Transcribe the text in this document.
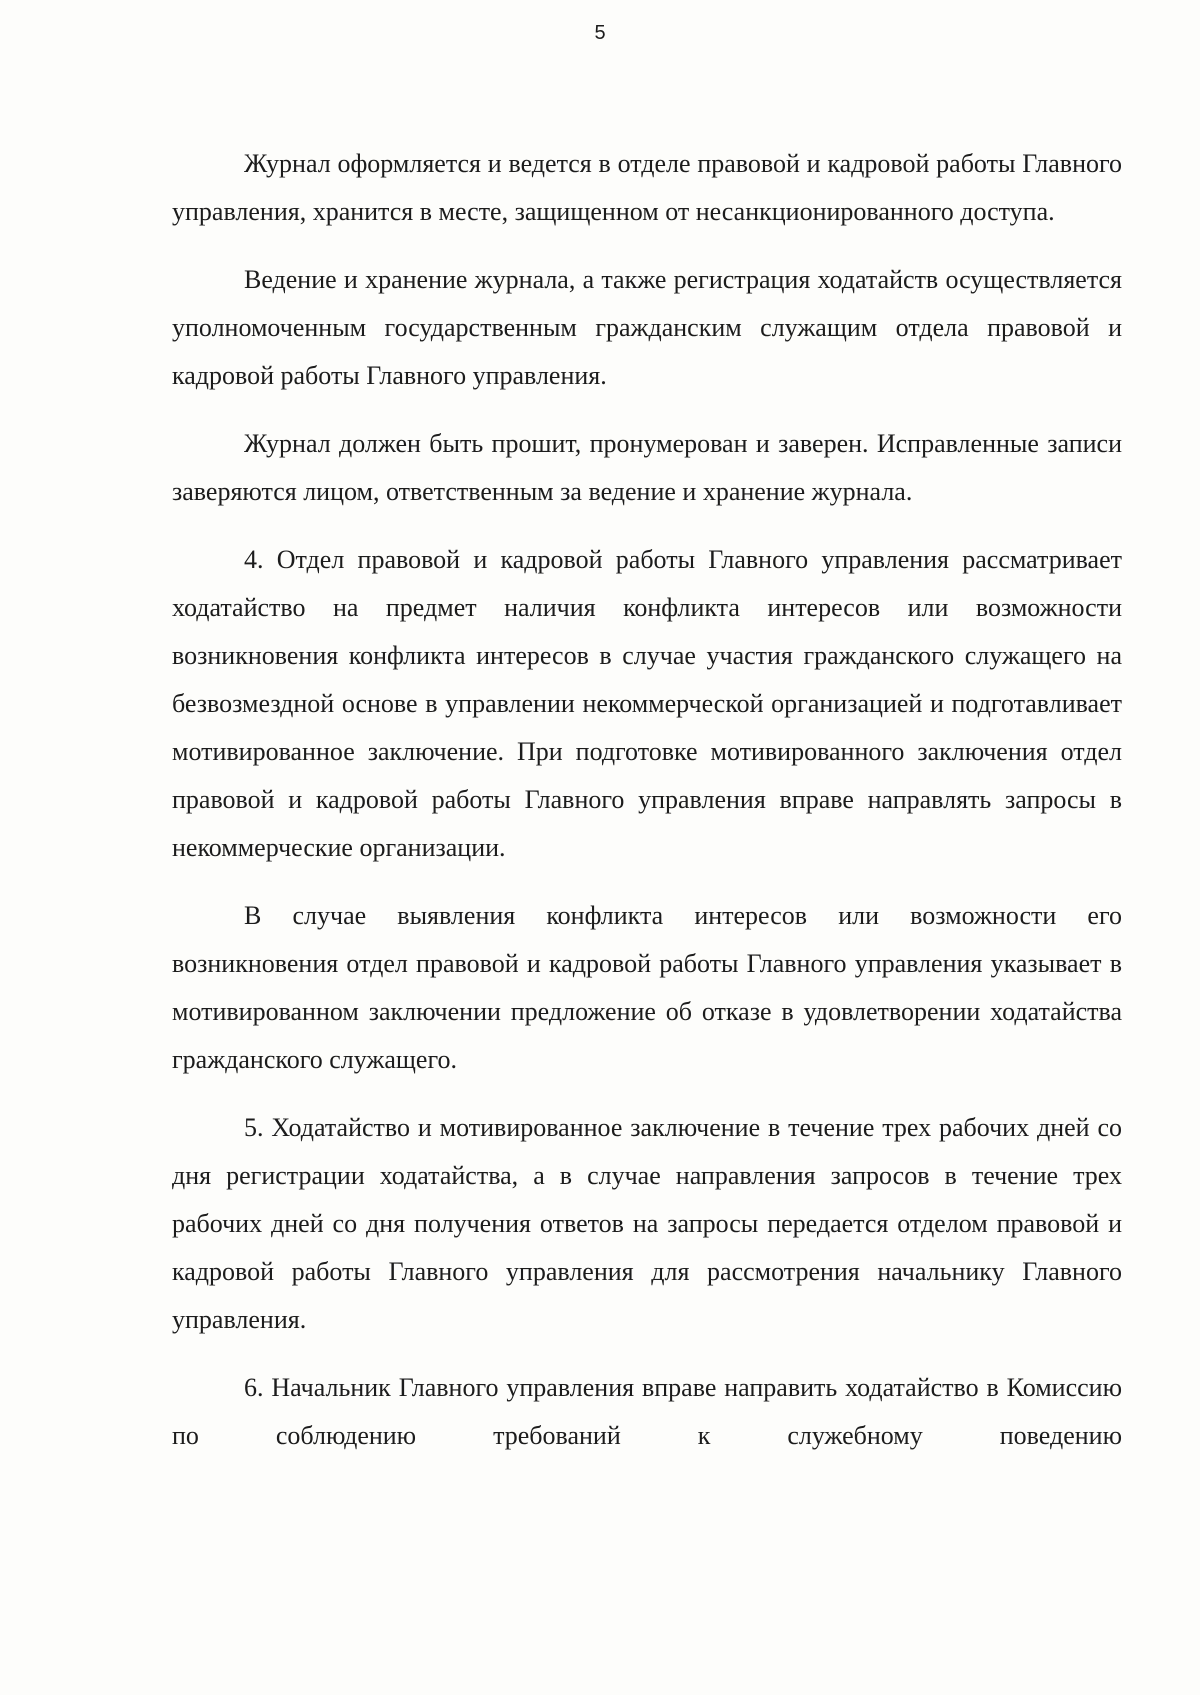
5

Журнал оформляется и ведется в отделе правовой и кадровой работы Главного управления, хранится в месте, защищенном от несанкционированного доступа.

Ведение и хранение журнала, а также регистрация ходатайств осуществляется уполномоченным государственным гражданским служащим отдела правовой и кадровой работы Главного управления.

Журнал должен быть прошит, пронумерован и заверен. Исправленные записи заверяются лицом, ответственным за ведение и хранение журнала.

4. Отдел правовой и кадровой работы Главного управления рассматривает ходатайство на предмет наличия конфликта интересов или возможности возникновения конфликта интересов в случае участия гражданского служащего на безвозмездной основе в управлении некоммерческой организацией и подготавливает мотивированное заключение. При подготовке мотивированного заключения отдел правовой и кадровой работы Главного управления вправе направлять запросы в некоммерческие организации.

В случае выявления конфликта интересов или возможности его возникновения отдел правовой и кадровой работы Главного управления указывает в мотивированном заключении предложение об отказе в удовлетворении ходатайства гражданского служащего.

5. Ходатайство и мотивированное заключение в течение трех рабочих дней со дня регистрации ходатайства, а в случае направления запросов в течение трех рабочих дней со дня получения ответов на запросы передается отделом правовой и кадровой работы Главного управления для рассмотрения начальнику Главного управления.

6. Начальник Главного управления вправе направить ходатайство в Комиссию по соблюдению требований к служебному поведению
